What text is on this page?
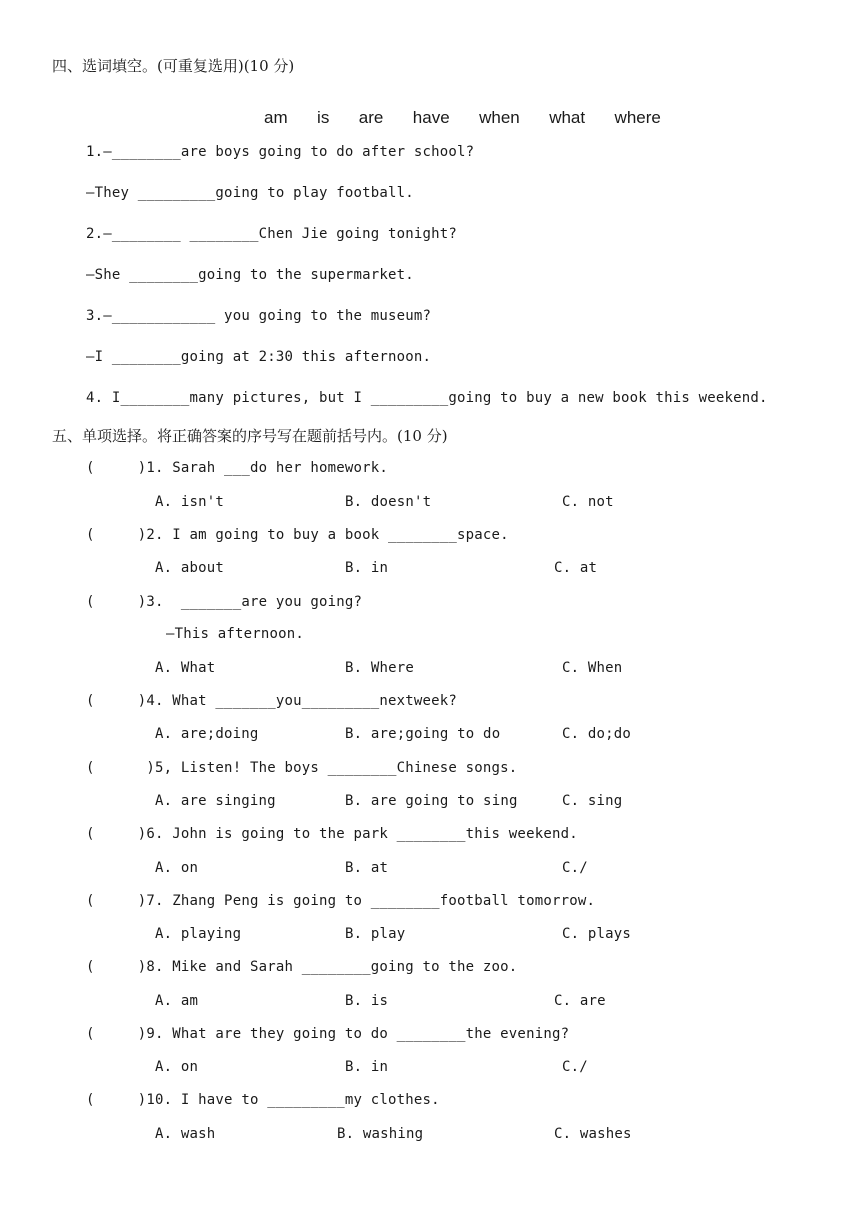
四、选词填空。(可重复选用)(10 分)
am  is  are  have  when  what  where
1.—________are boys going to do after school?
—They _________going to play football.
2.—________ ________Chen Jie going tonight?
—She ________going to the supermarket.
3.—____________ you going to the museum?
—I ________going at 2:30 this afternoon.
4. I________many pictures, but I _________going to buy a new book this weekend.
五、单项选择。将正确答案的序号写在题前括号内。(10 分)
(     )1. Sarah ___do her homework.
A. isn't	B. doesn't	C. not
(     )2. I am going to buy a book ________space.
A. about	B. in	C. at
(     )3.  _______are you going?
—This afternoon.
A. What	B. Where	C. When
(     )4. What _______you_________nextweek?
A. are;doing	B. are;going to do	C. do;do
(      )5, Listen! The boys ________Chinese songs.
A. are singing	B. are going to sing	C. sing
(     )6. John is going to the park ________this weekend.
A. on	B. at	C./
(     )7. Zhang Peng is going to ________football tomorrow.
A. playing	B. play	C. plays
(     )8. Mike and Sarah ________going to the zoo.
A. am	B. is	C. are
(     )9. What are they going to do ________the evening?
A. on	B. in	C./
(     )10. I have to _________my clothes.
A. wash	B. washing	C. washes
